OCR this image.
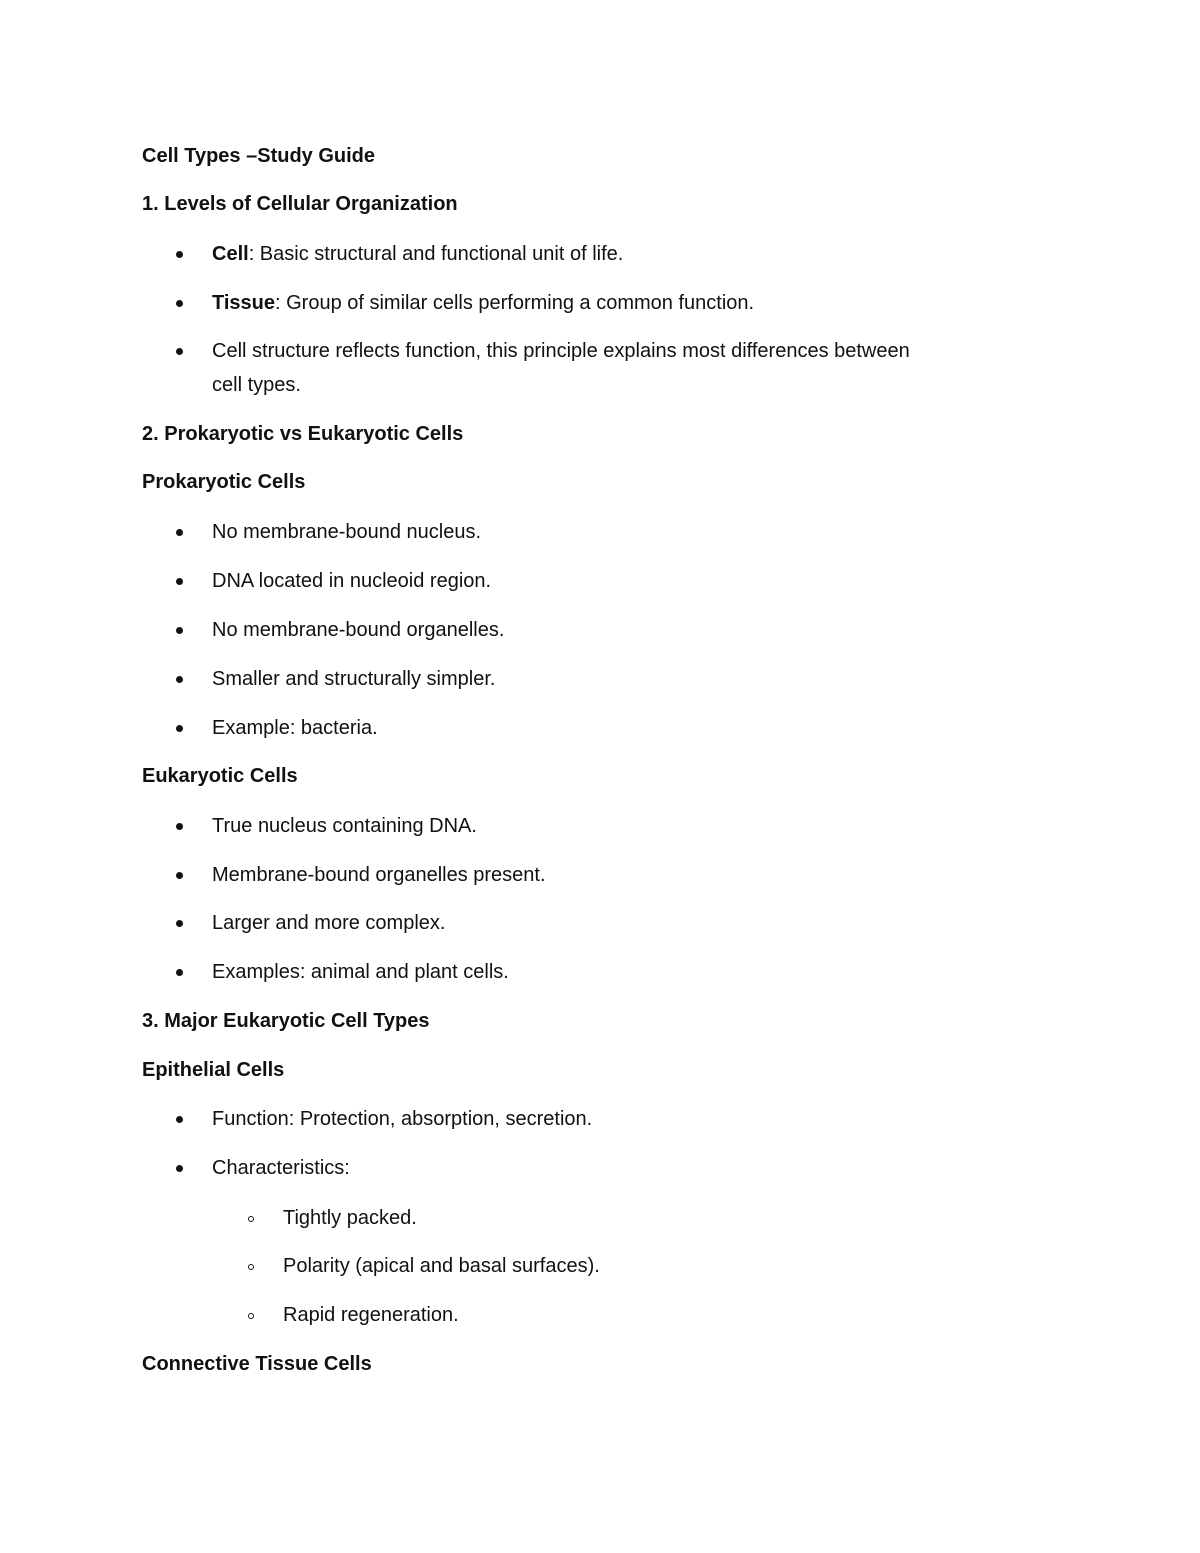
Cell Types –Study Guide
1. Levels of Cellular Organization
Cell: Basic structural and functional unit of life.
Tissue: Group of similar cells performing a common function.
Cell structure reflects function, this principle explains most differences between
cell types.
2. Prokaryotic vs Eukaryotic Cells
Prokaryotic Cells
No membrane-bound nucleus.
DNA located in nucleoid region.
No membrane-bound organelles.
Smaller and structurally simpler.
Example: bacteria.
Eukaryotic Cells
True nucleus containing DNA.
Membrane-bound organelles present.
Larger and more complex.
Examples: animal and plant cells.
3. Major Eukaryotic Cell Types
Epithelial Cells
Function: Protection, absorption, secretion.
Characteristics:
Tightly packed.
Polarity (apical and basal surfaces).
Rapid regeneration.
Connective Tissue Cells
